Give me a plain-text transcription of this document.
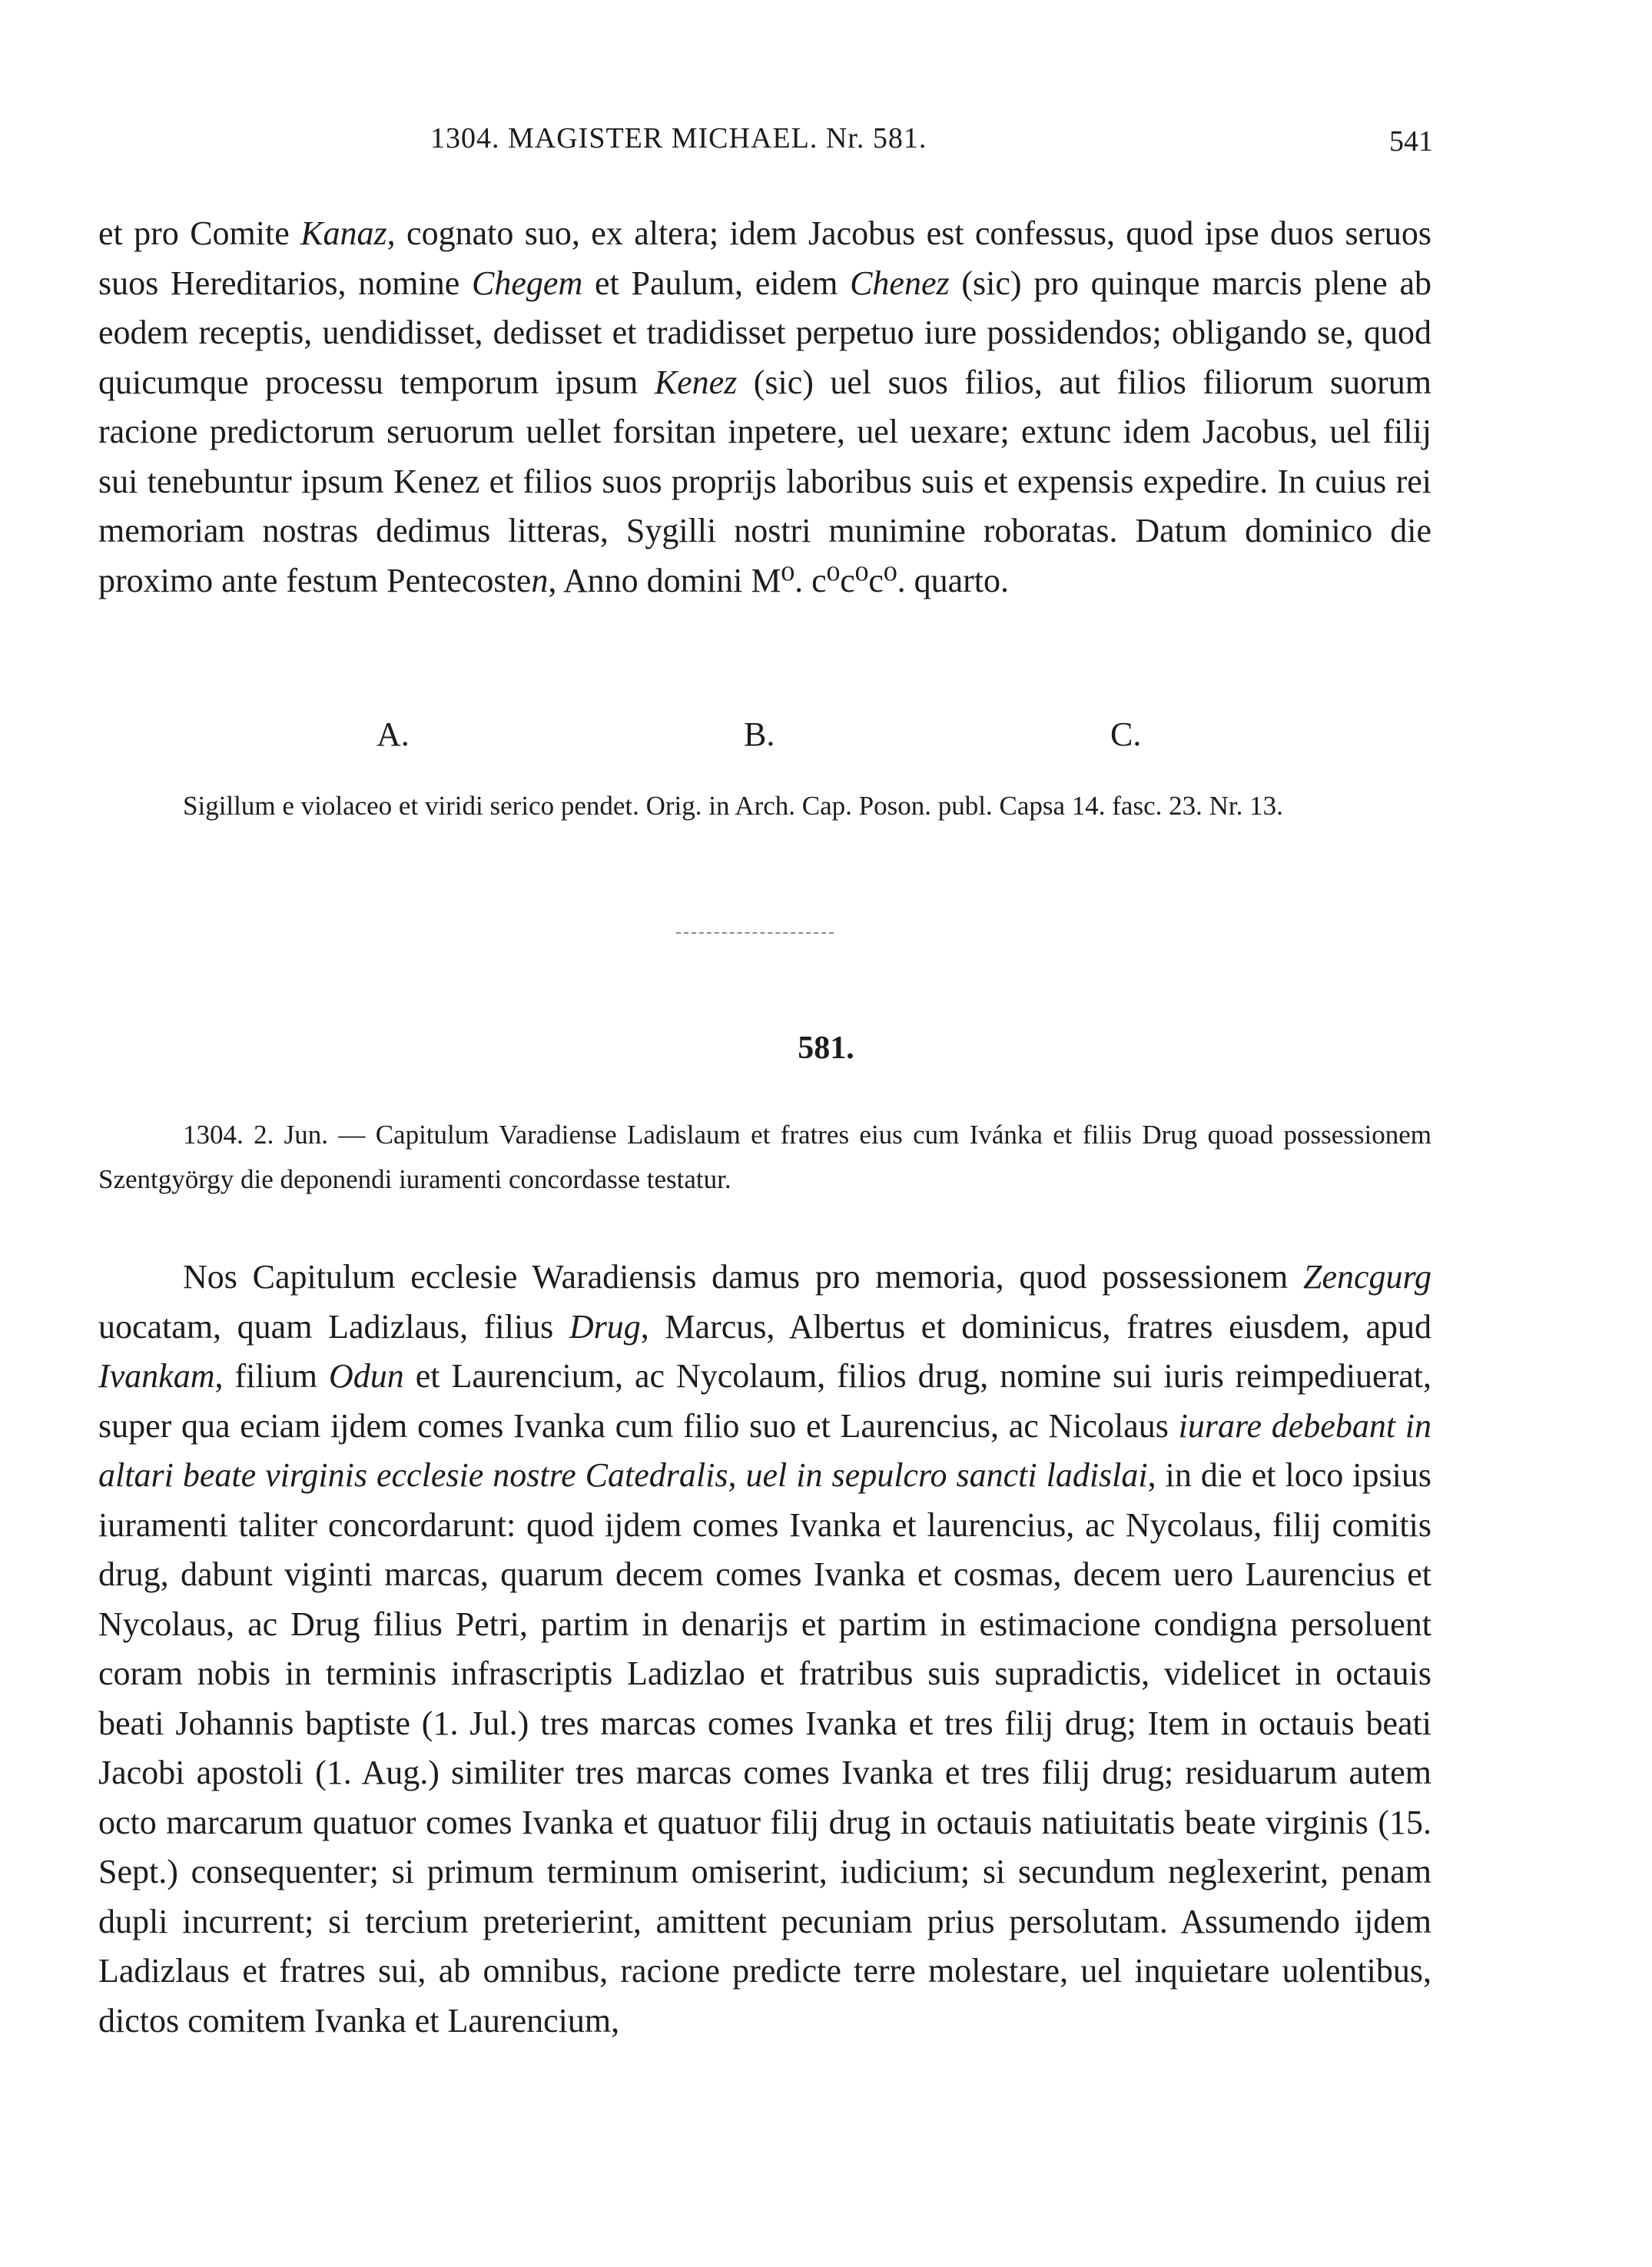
1304. MAGISTER MICHAEL. Nr. 581.	541

et pro Comite Kanaz, cognato suo, ex altera; idem Jacobus est confessus, quod ipse duos seruos suos Hereditarios, nomine Chegem et Paulum, eidem Chenez (sic) pro quinque marcis plene ab eodem receptis, uendidisset, dedisset et tradidisset perpetuo iure possidendos; obligando se, quod quicumque processu temporum ipsum Kenez (sic) uel suos filios, aut filios filiorum suorum racione predictorum seruorum uellet forsitan inpetere, uel uexare; extunc idem Jacobus, uel filij sui tenebuntur ipsum Kenez et filios suos proprijs laboribus suis et expensis expedire. In cuius rei memoriam nostras dedimus litteras, Sygilli nostri munimine roboratas. Datum dominico die proximo ante festum Pentecosten, Anno domini M⁰. c⁰c⁰c⁰. quarto.

A.	B.	C.

Sigillum e violaceo et viridi serico pendet. Orig. in Arch. Cap. Poson. publ. Capsa 14. fasc. 23. Nr. 13.

581.

1304. 2. Jun. — Capitulum Varadiense Ladislaum et fratres eius cum Ivánka et filiis Drug quoad possessionem Szentgyörgy die deponendi iuramenti concordasse testatur.

Nos Capitulum ecclesie Waradiensis damus pro memoria, quod possessionem Zencgurg uocatam, quam Ladizlaus, filius Drug, Marcus, Albertus et dominicus, fratres eiusdem, apud Ivankam, filium Odun et Laurencium, ac Nycolaum, filios drug, nomine sui iuris reimpediuerat, super qua eciam ijdem comes Ivanka cum filio suo et Laurencius, ac Nicolaus iurare debebant in altari beate virginis ecclesie nostre Catedralis, uel in sepulcro sancti ladislai, in die et loco ipsius iuramenti taliter concordarunt: quod ijdem comes Ivanka et laurencius, ac Nycolaus, filij comitis drug, dabunt viginti marcas, quarum decem comes Ivanka et cosmas, decem uero Laurencius et Nycolaus, ac Drug filius Petri, partim in denarijs et partim in estimacione condigna persoluent coram nobis in terminis infrascriptis Ladizlao et fratribus suis supradictis, videlicet in octauis beati Johannis baptiste (1. Jul.) tres marcas comes Ivanka et tres filij drug; Item in octauis beati Jacobi apostoli (1. Aug.) similiter tres marcas comes Ivanka et tres filij drug; residuarum autem octo marcarum quatuor comes Ivanka et quatuor filij drug in octauis natiuitatis beate virginis (15. Sept.) consequenter; si primum terminum omiserint, iudicium; si secundum neglexerint, penam dupli incurrent; si tercium preterierint, amittent pecuniam prius persolutam. Assumendo ijdem Ladizlaus et fratres sui, ab omnibus, racione predicte terre molestare, uel inquietare uolentibus, dictos comitem Ivanka et Laurencium,
